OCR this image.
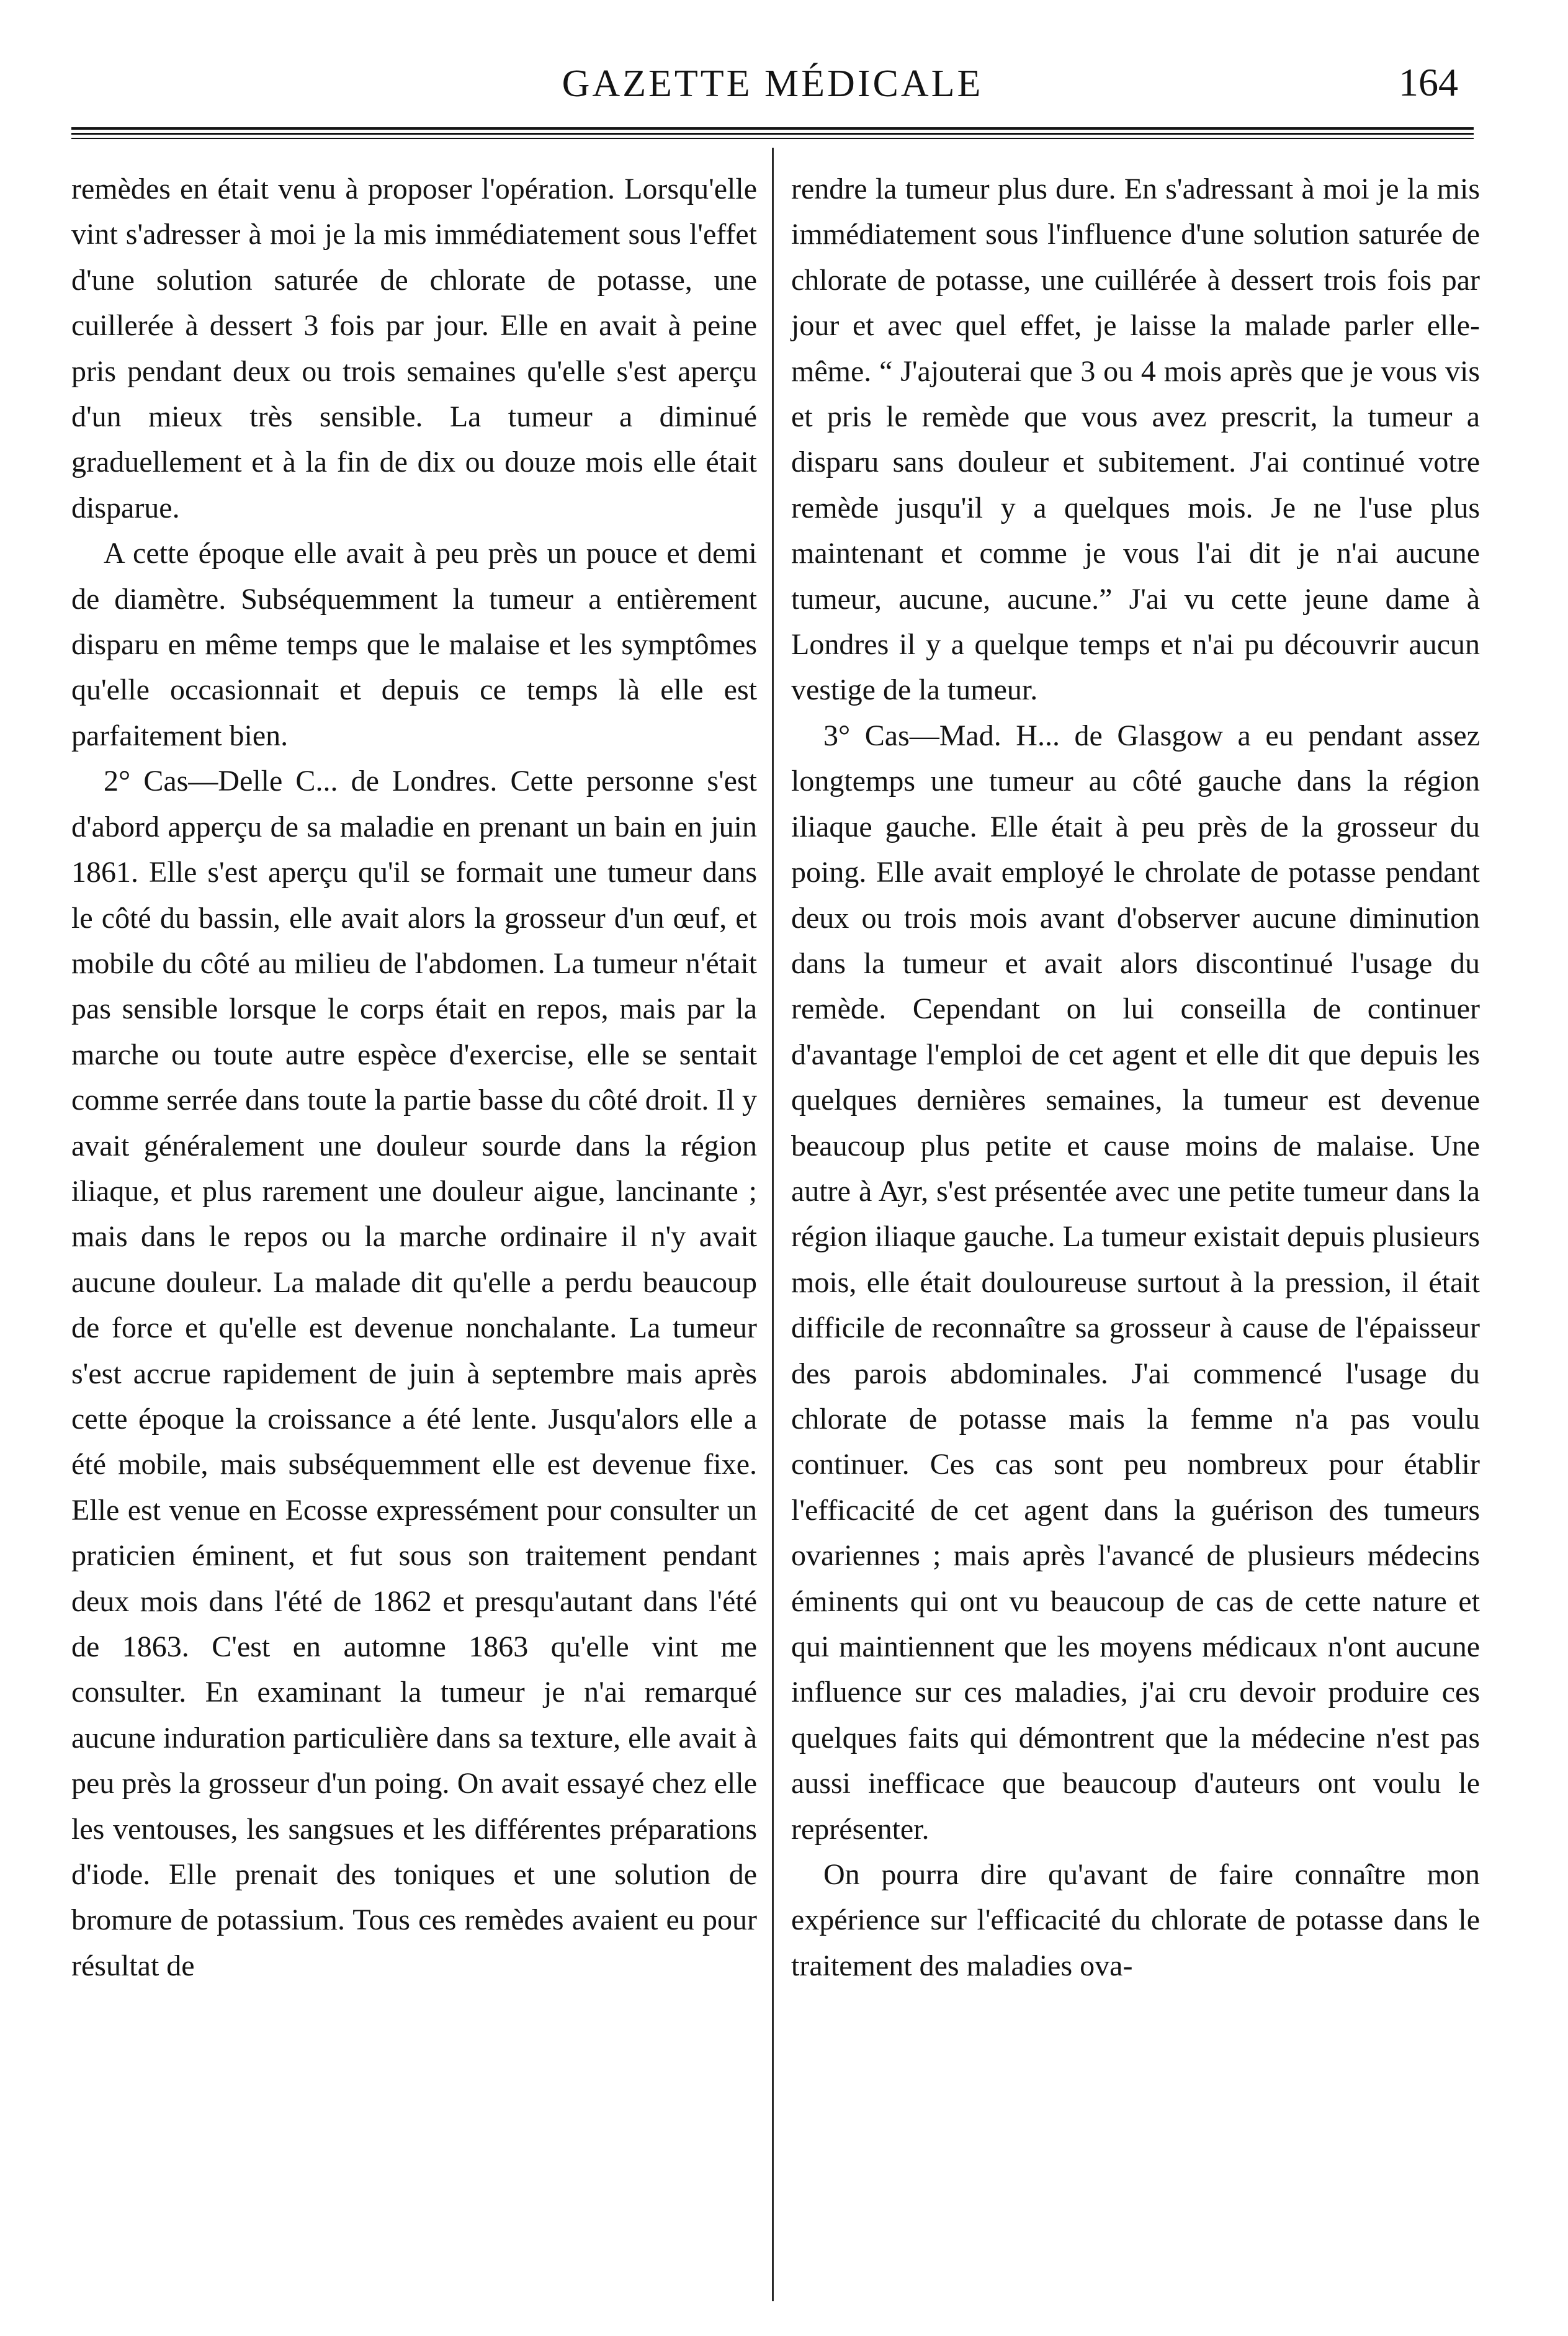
GAZETTE MÉDICALE	164

remèdes en était venu à proposer l'opération. Lorsqu'elle vint s'adresser à moi je la mis immédiatement sous l'effet d'une solution saturée de chlorate de potasse, une cuillerée à dessert 3 fois par jour. Elle en avait à peine pris pendant deux ou trois semaines qu'elle s'est aperçu d'un mieux très sensible. La tumeur a diminué graduellement et à la fin de dix ou douze mois elle était disparue.

A cette époque elle avait à peu près un pouce et demi de diamètre. Subséquemment la tumeur a entièrement disparu en même temps que le malaise et les symptômes qu'elle occasionnait et depuis ce temps là elle est parfaitement bien.

2° Cas—Delle C... de Londres. Cette personne s'est d'abord apperçu de sa maladie en prenant un bain en juin 1861. Elle s'est aperçu qu'il se formait une tumeur dans le côté du bassin, elle avait alors la grosseur d'un œuf, et mobile du côté au milieu de l'abdomen. La tumeur n'était pas sensible lorsque le corps était en repos, mais par la marche ou toute autre espèce d'exercise, elle se sentait comme serrée dans toute la partie basse du côté droit. Il y avait généralement une douleur sourde dans la région iliaque, et plus rarement une douleur aigue, lancinante ; mais dans le repos ou la marche ordinaire il n'y avait aucune douleur. La malade dit qu'elle a perdu beaucoup de force et qu'elle est devenue nonchalante. La tumeur s'est accrue rapidement de juin à septembre mais après cette époque la croissance a été lente. Jusqu'alors elle a été mobile, mais subséquemment elle est devenue fixe. Elle est venue en Ecosse expressément pour consulter un praticien éminent, et fut sous son traitement pendant deux mois dans l'été de 1862 et presqu'autant dans l'été de 1863. C'est en automne 1863 qu'elle vint me consulter. En examinant la tumeur je n'ai remarqué aucune induration particulière dans sa texture, elle avait à peu près la grosseur d'un poing. On avait essayé chez elle les ventouses, les sangsues et les différentes préparations d'iode. Elle prenait des toniques et une solution de bromure de potassium. Tous ces remèdes avaient eu pour résultat de

rendre la tumeur plus dure. En s'adressant à moi je la mis immédiatement sous l'influence d'une solution saturée de chlorate de potasse, une cuillérée à dessert trois fois par jour et avec quel effet, je laisse la malade parler elle-même. “ J'ajouterai que 3 ou 4 mois après que je vous vis et pris le remède que vous avez prescrit, la tumeur a disparu sans douleur et subitement. J'ai continué votre remède jusqu'il y a quelques mois. Je ne l'use plus maintenant et comme je vous l'ai dit je n'ai aucune tumeur, aucune, aucune.” J'ai vu cette jeune dame à Londres il y a quelque temps et n'ai pu découvrir aucun vestige de la tumeur.

3° Cas—Mad. H... de Glasgow a eu pendant assez longtemps une tumeur au côté gauche dans la région iliaque gauche. Elle était à peu près de la grosseur du poing. Elle avait employé le chrolate de potasse pendant deux ou trois mois avant d'observer aucune diminution dans la tumeur et avait alors discontinué l'usage du remède. Cependant on lui conseilla de continuer d'avantage l'emploi de cet agent et elle dit que depuis les quelques dernières semaines, la tumeur est devenue beaucoup plus petite et cause moins de malaise. Une autre à Ayr, s'est présentée avec une petite tumeur dans la région iliaque gauche. La tumeur existait depuis plusieurs mois, elle était douloureuse surtout à la pression, il était difficile de reconnaître sa grosseur à cause de l'épaisseur des parois abdominales. J'ai commencé l'usage du chlorate de potasse mais la femme n'a pas voulu continuer. Ces cas sont peu nombreux pour établir l'efficacité de cet agent dans la guérison des tumeurs ovariennes ; mais après l'avancé de plusieurs médecins éminents qui ont vu beaucoup de cas de cette nature et qui maintiennent que les moyens médicaux n'ont aucune influence sur ces maladies, j'ai cru devoir produire ces quelques faits qui démontrent que la médecine n'est pas aussi inefficace que beaucoup d'auteurs ont voulu le représenter.

On pourra dire qu'avant de faire connaître mon expérience sur l'efficacité du chlorate de potasse dans le traitement des maladies ova-
